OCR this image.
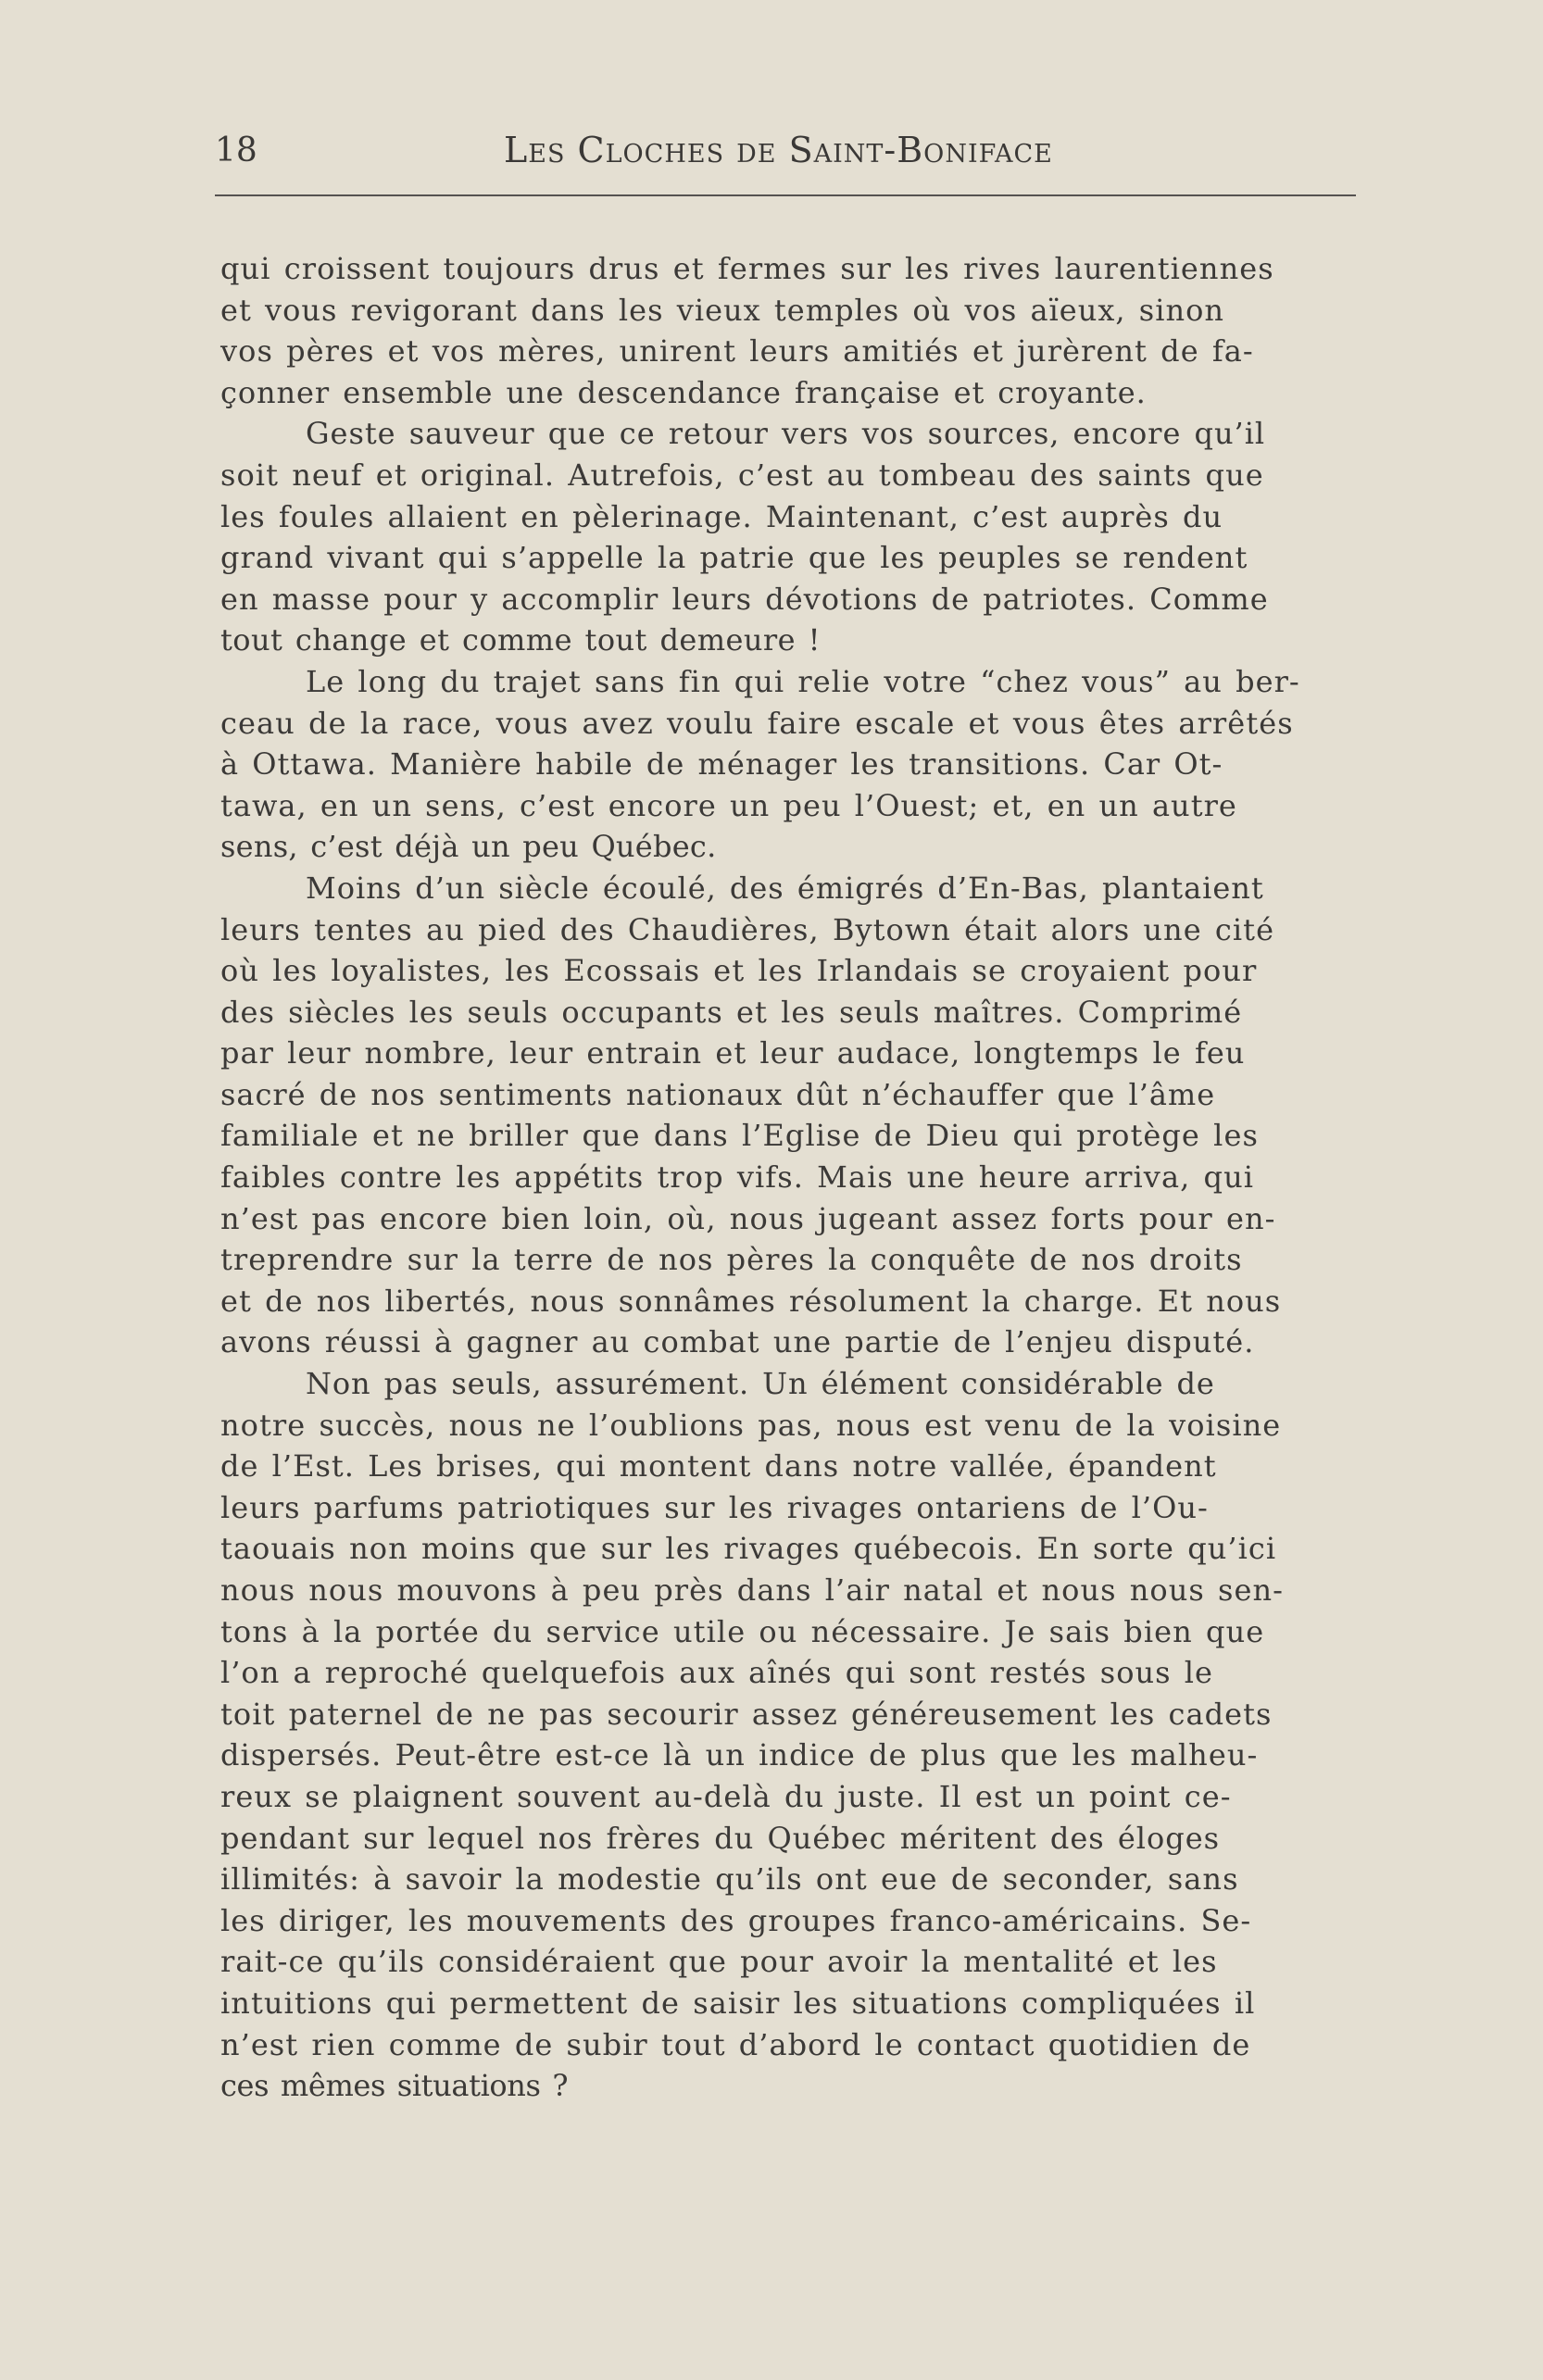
18	Les Cloches de Saint-Boniface
qui croissent toujours drus et fermes sur les rives laurentiennes
et vous revigorant dans les vieux temples où vos aïeux, sinon
vos pères et vos mères, unirent leurs amitiés et jurèrent de fa-
çonner ensemble une descendance française et croyante.
Geste sauveur que ce retour vers vos sources, encore qu’il
soit neuf et original. Autrefois, c’est au tombeau des saints que
les foules allaient en pèlerinage. Maintenant, c’est auprès du
grand vivant qui s’appelle la patrie que les peuples se rendent
en masse pour y accomplir leurs dévotions de patriotes. Comme
tout change et comme tout demeure !
Le long du trajet sans fin qui relie votre “chez vous” au ber-
ceau de la race, vous avez voulu faire escale et vous êtes arrêtés
à Ottawa. Manière habile de ménager les transitions. Car Ot-
tawa, en un sens, c’est encore un peu l’Ouest; et, en un autre
sens, c’est déjà un peu Québec.
Moins d’un siècle écoulé, des émigrés d’En-Bas, plantaient
leurs tentes au pied des Chaudières, Bytown était alors une cité
où les loyalistes, les Ecossais et les Irlandais se croyaient pour
des siècles les seuls occupants et les seuls maîtres. Comprimé
par leur nombre, leur entrain et leur audace, longtemps le feu
sacré de nos sentiments nationaux dût n’échauffer que l’âme
familiale et ne briller que dans l’Eglise de Dieu qui protège les
faibles contre les appétits trop vifs. Mais une heure arriva, qui
n’est pas encore bien loin, où, nous jugeant assez forts pour en-
treprendre sur la terre de nos pères la conquête de nos droits
et de nos libertés, nous sonnâmes résolument la charge. Et nous
avons réussi à gagner au combat une partie de l’enjeu disputé.
Non pas seuls, assurément. Un élément considérable de
notre succès, nous ne l’oublions pas, nous est venu de la voisine
de l’Est. Les brises, qui montent dans notre vallée, épandent
leurs parfums patriotiques sur les rivages ontariens de l’Ou-
taouais non moins que sur les rivages québecois. En sorte qu’ici
nous nous mouvons à peu près dans l’air natal et nous nous sen-
tons à la portée du service utile ou nécessaire. Je sais bien que
l’on a reproché quelquefois aux aînés qui sont restés sous le
toit paternel de ne pas secourir assez généreusement les cadets
dispersés. Peut-être est-ce là un indice de plus que les malheu-
reux se plaignent souvent au-delà du juste. Il est un point ce-
pendant sur lequel nos frères du Québec méritent des éloges
illimités: à savoir la modestie qu’ils ont eue de seconder, sans
les diriger, les mouvements des groupes franco-américains. Se-
rait-ce qu’ils considéraient que pour avoir la mentalité et les
intuitions qui permettent de saisir les situations compliquées il
n’est rien comme de subir tout d’abord le contact quotidien de
ces mêmes situations ?
